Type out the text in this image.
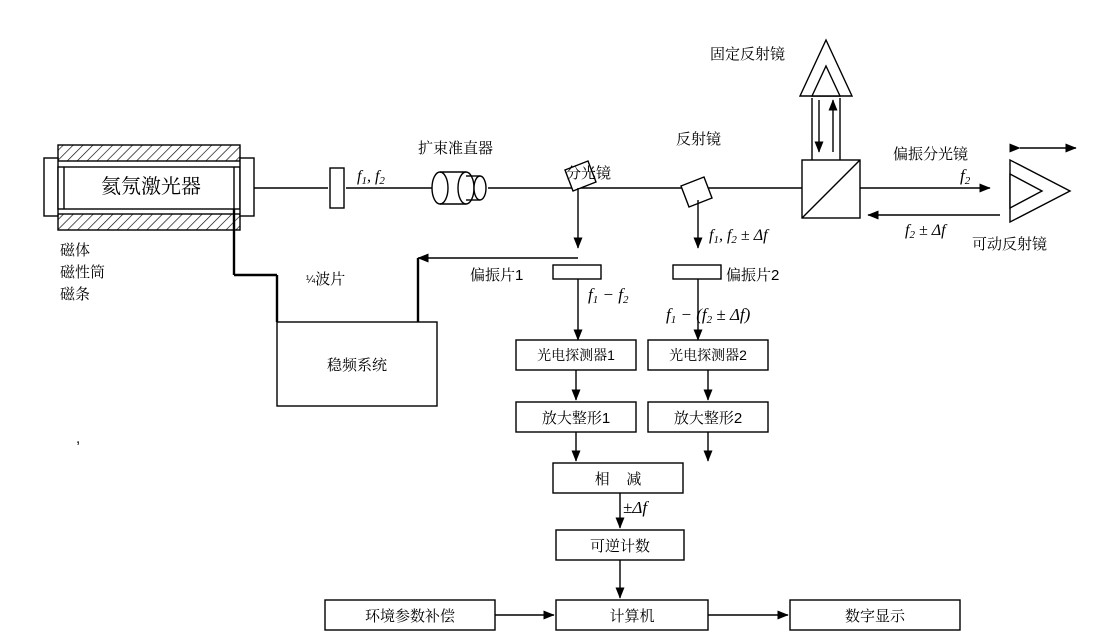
氦氖激光器
磁体
磁性筒
磁条
¼波片
$f_1$, $f_2$
扩束准直器
分光镜
反射镜
固定反射镜
偏振分光镜
可动反射镜
$f_2$
$f_2 \pm \Delta f$
$f_1$, $f_2 \pm \Delta f$
偏振片1	偏振片2
$f_1 - f_2$
$f_1 - (f_2 \pm \Delta f)$
±Δf
,
稳频系统
光电探测器1	光电探测器2
放大整形1	放大整形2
相    减
可逆计数
环境参数补偿	计算机	数字显示
